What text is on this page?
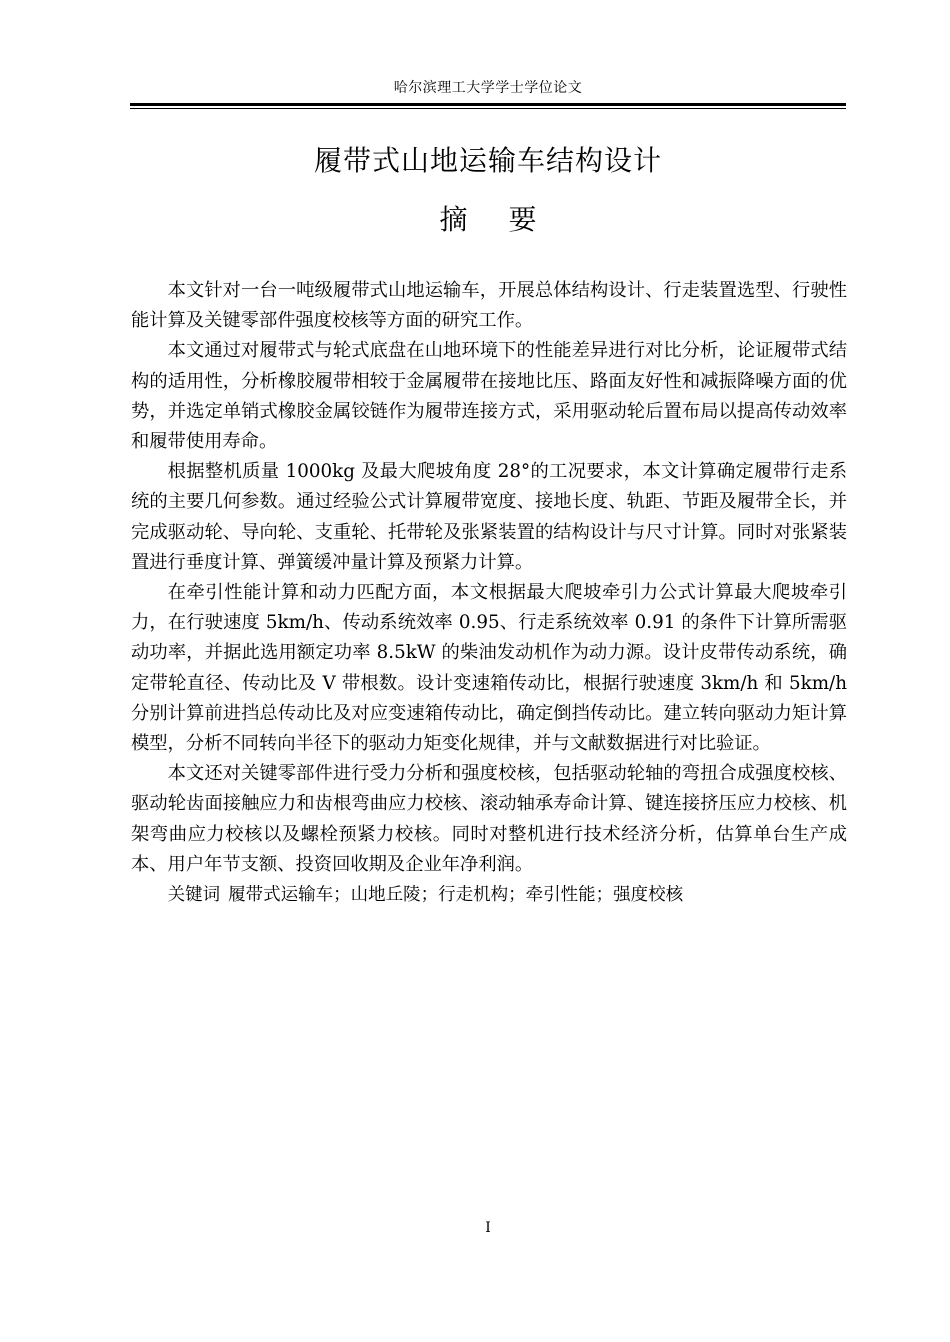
哈尔滨理工大学学士学位论文
履带式山地运输车结构设计
摘 要

本文针对一台一吨级履带式山地运输车，开展总体结构设计、行走装置选型、行驶性能计算及关键零部件强度校核等方面的研究工作。

本文通过对履带式与轮式底盘在山地环境下的性能差异进行对比分析，论证履带式结构的适用性，分析橡胶履带相较于金属履带在接地比压、路面友好性和减振降噪方面的优势，并选定单销式橡胶金属铰链作为履带连接方式，采用驱动轮后置布局以提高传动效率和履带使用寿命。

根据整机质量 1000kg 及最大爬坡角度 28°的工况要求，本文计算确定履带行走系统的主要几何参数。通过经验公式计算履带宽度、接地长度、轨距、节距及履带全长，并完成驱动轮、导向轮、支重轮、托带轮及张紧装置的结构设计与尺寸计算。同时对张紧装置进行垂度计算、弹簧缓冲量计算及预紧力计算。

在牵引性能计算和动力匹配方面，本文根据最大爬坡牵引力公式计算最大爬坡牵引力，在行驶速度 5km/h、传动系统效率 0.95、行走系统效率 0.91 的条件下计算所需驱动功率，并据此选用额定功率 8.5kW 的柴油发动机作为动力源。设计皮带传动系统，确定带轮直径、传动比及 V 带根数。设计变速箱传动比，根据行驶速度 3km/h 和 5km/h 分别计算前进挡总传动比及对应变速箱传动比，确定倒挡传动比。建立转向驱动力矩计算模型，分析不同转向半径下的驱动力矩变化规律，并与文献数据进行对比验证。

本文还对关键零部件进行受力分析和强度校核，包括驱动轮轴的弯扭合成强度校核、驱动轮齿面接触应力和齿根弯曲应力校核、滚动轴承寿命计算、键连接挤压应力校核、机架弯曲应力校核以及螺栓预紧力校核。同时对整机进行技术经济分析，估算单台生产成本、用户年节支额、投资回收期及企业年净利润。

关键词 履带式运输车；山地丘陵；行走机构；牵引性能；强度校核

I
